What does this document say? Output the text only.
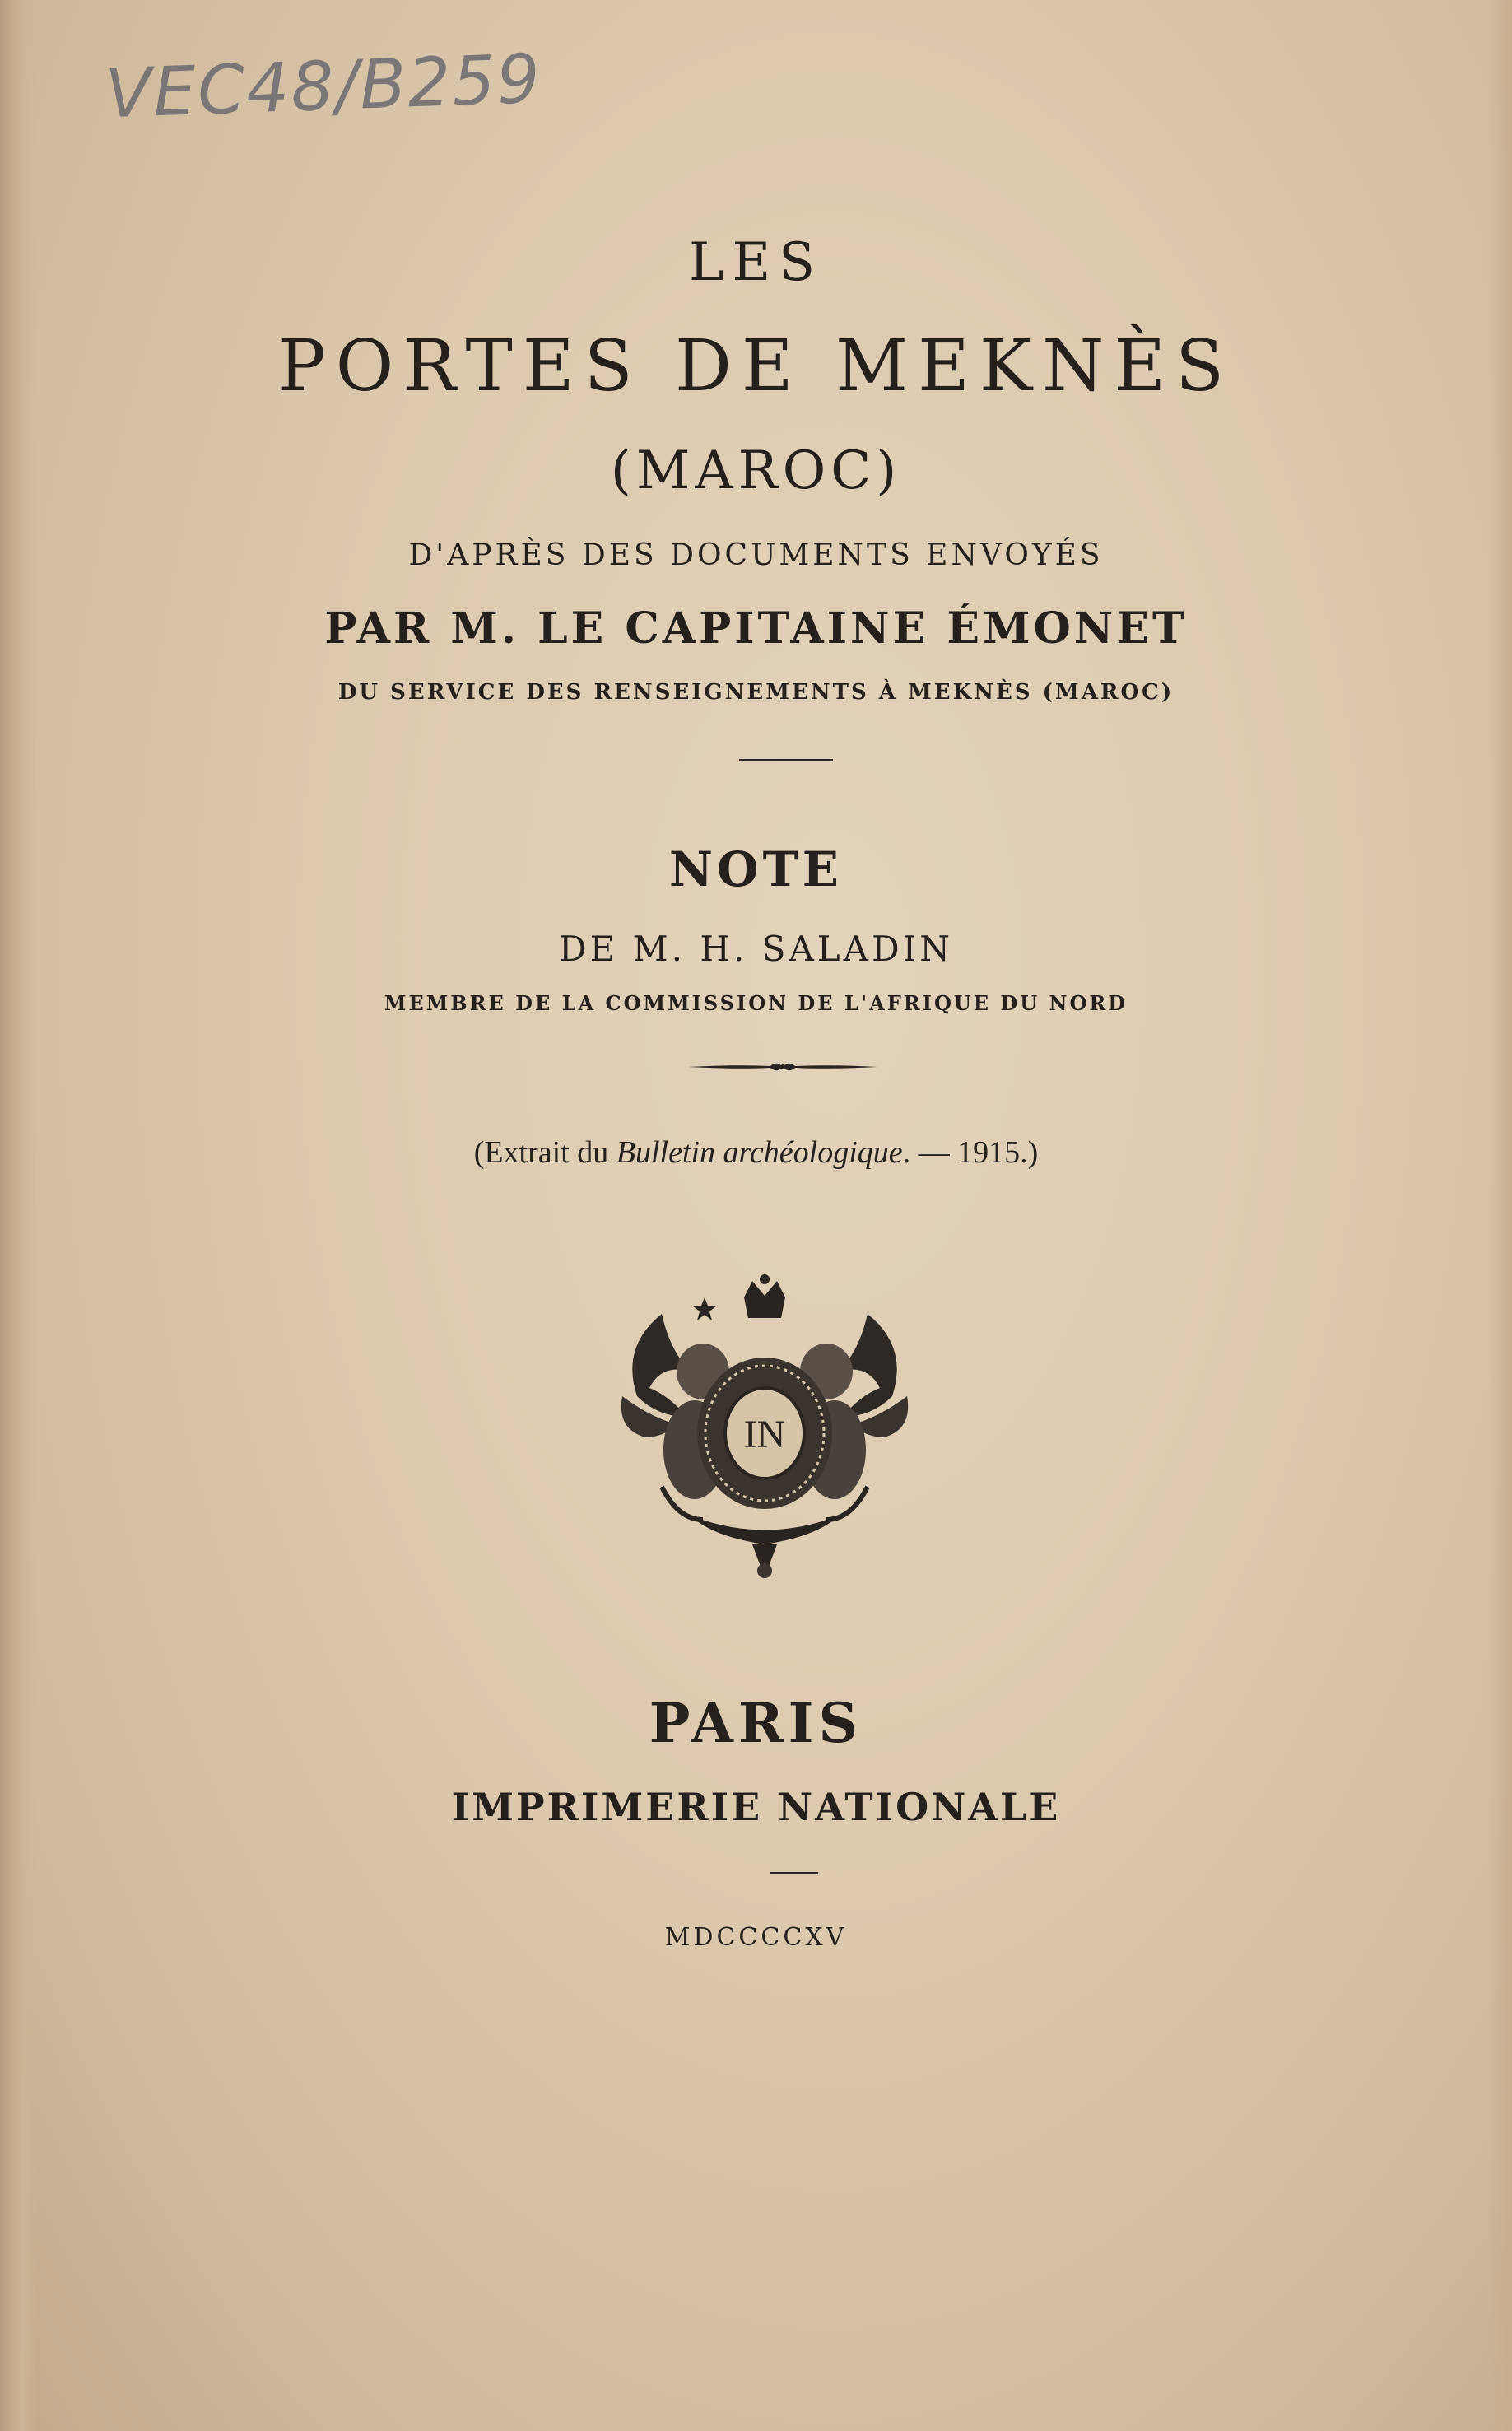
VEC48/B259
LES
PORTES DE MEKNÈS
(MAROC)
D'APRÈS DES DOCUMENTS ENVOYÉS
PAR M. LE CAPITAINE ÉMONET
DU SERVICE DES RENSEIGNEMENTS À MEKNÈS (MAROC)
NOTE
DE M. H. SALADIN
MEMBRE DE LA COMMISSION DE L'AFRIQUE DU NORD
(Extrait du Bulletin archéologique. — 1915.)
IN
PARIS
IMPRIMERIE NATIONALE
MDCCCCXV
